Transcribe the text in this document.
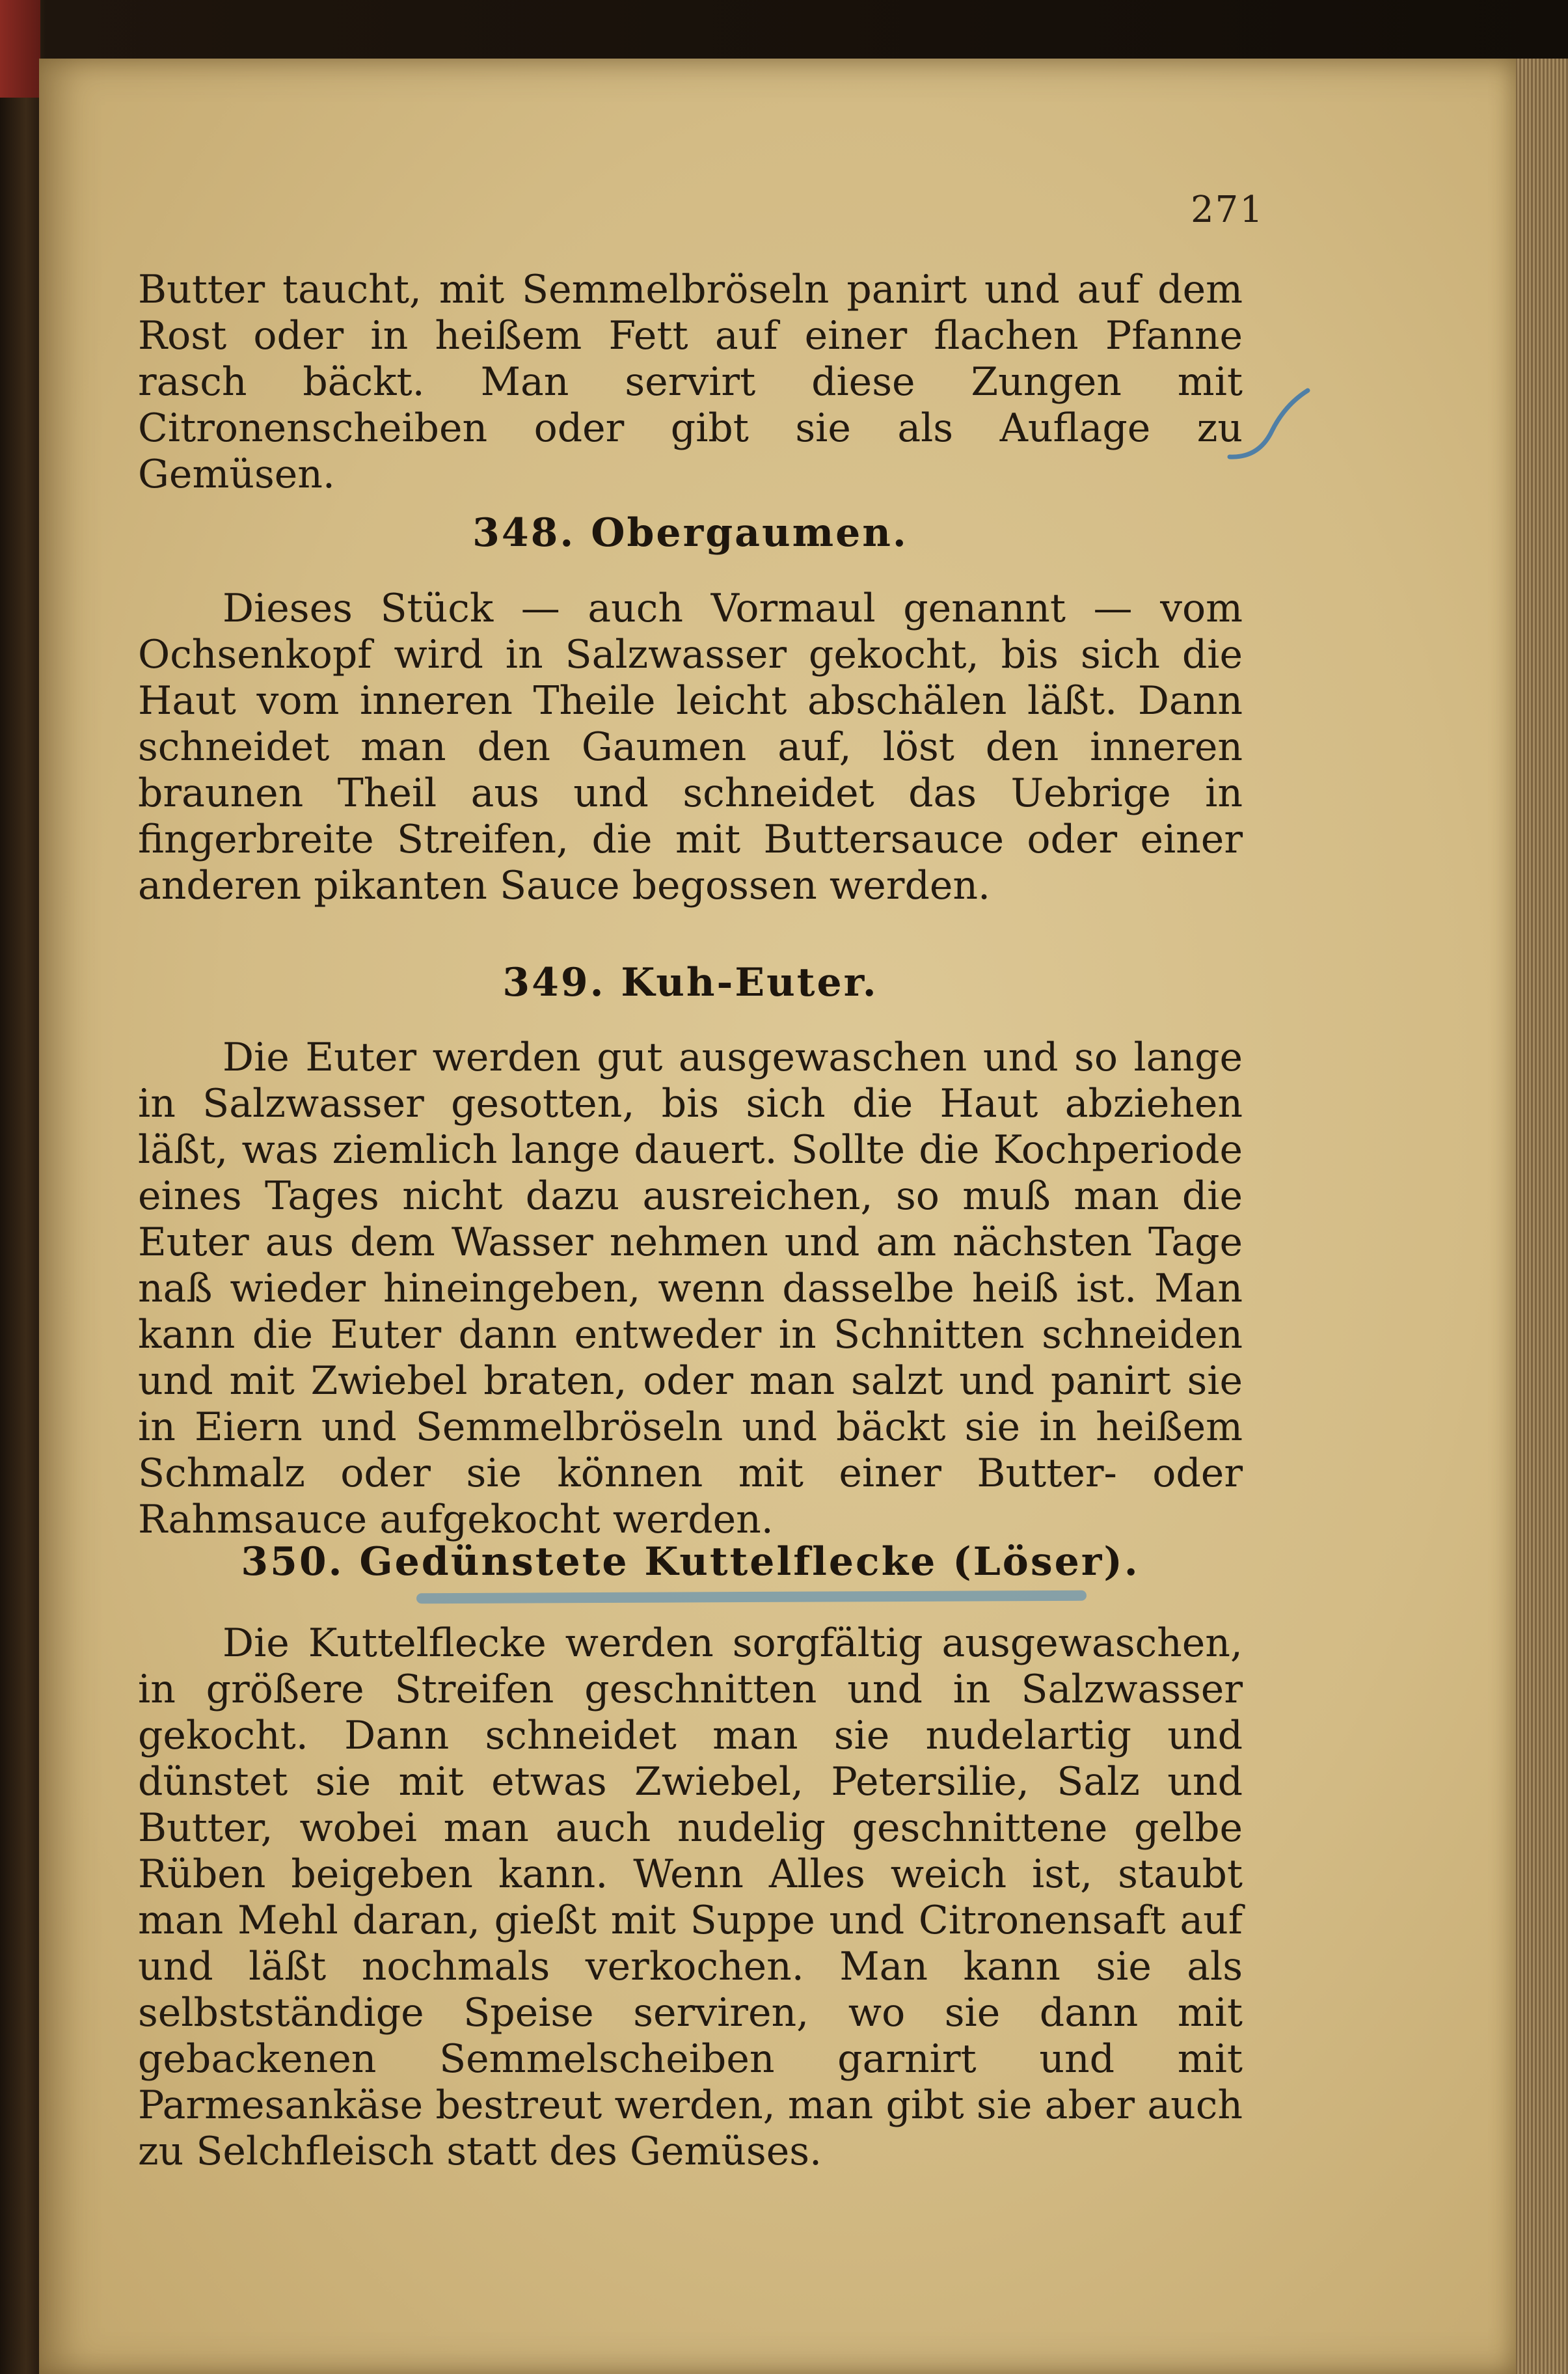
271

Butter taucht, mit Semmelbröseln panirt und auf dem Rost oder in heißem Fett auf einer flachen Pfanne rasch bäckt. Man servirt diese Zungen mit Citronenscheiben oder gibt sie als Auflage zu Gemüsen.

348. Obergaumen.

Dieses Stück — auch Vormaul genannt — vom Ochsenkopf wird in Salzwasser gekocht, bis sich die Haut vom inneren Theile leicht abschälen läßt. Dann schneidet man den Gaumen auf, löst den inneren braunen Theil aus und schneidet das Uebrige in fingerbreite Streifen, die mit Buttersauce oder einer anderen pikanten Sauce begossen werden.

349. Kuh-Euter.

Die Euter werden gut ausgewaschen und so lange in Salzwasser gesotten, bis sich die Haut abziehen läßt, was ziemlich lange dauert. Sollte die Kochperiode eines Tages nicht dazu ausreichen, so muß man die Euter aus dem Wasser nehmen und am nächsten Tage naß wieder hineingeben, wenn dasselbe heiß ist. Man kann die Euter dann entweder in Schnitten schneiden und mit Zwiebel braten, oder man salzt und panirt sie in Eiern und Semmelbröseln und bäckt sie in heißem Schmalz oder sie können mit einer Butter- oder Rahmsauce aufgekocht werden.

350. Gedünstete Kuttelflecke (Löser).

Die Kuttelflecke werden sorgfältig ausgewaschen, in größere Streifen geschnitten und in Salzwasser gekocht. Dann schneidet man sie nudelartig und dünstet sie mit etwas Zwiebel, Petersilie, Salz und Butter, wobei man auch nudelig geschnittene gelbe Rüben beigeben kann. Wenn Alles weich ist, staubt man Mehl daran, gießt mit Suppe und Citronensaft auf und läßt nochmals verkochen. Man kann sie als selbstständige Speise serviren, wo sie dann mit gebackenen Semmelscheiben garnirt und mit Parmesankäse bestreut werden, man gibt sie aber auch zu Selchfleisch statt des Gemüses.
